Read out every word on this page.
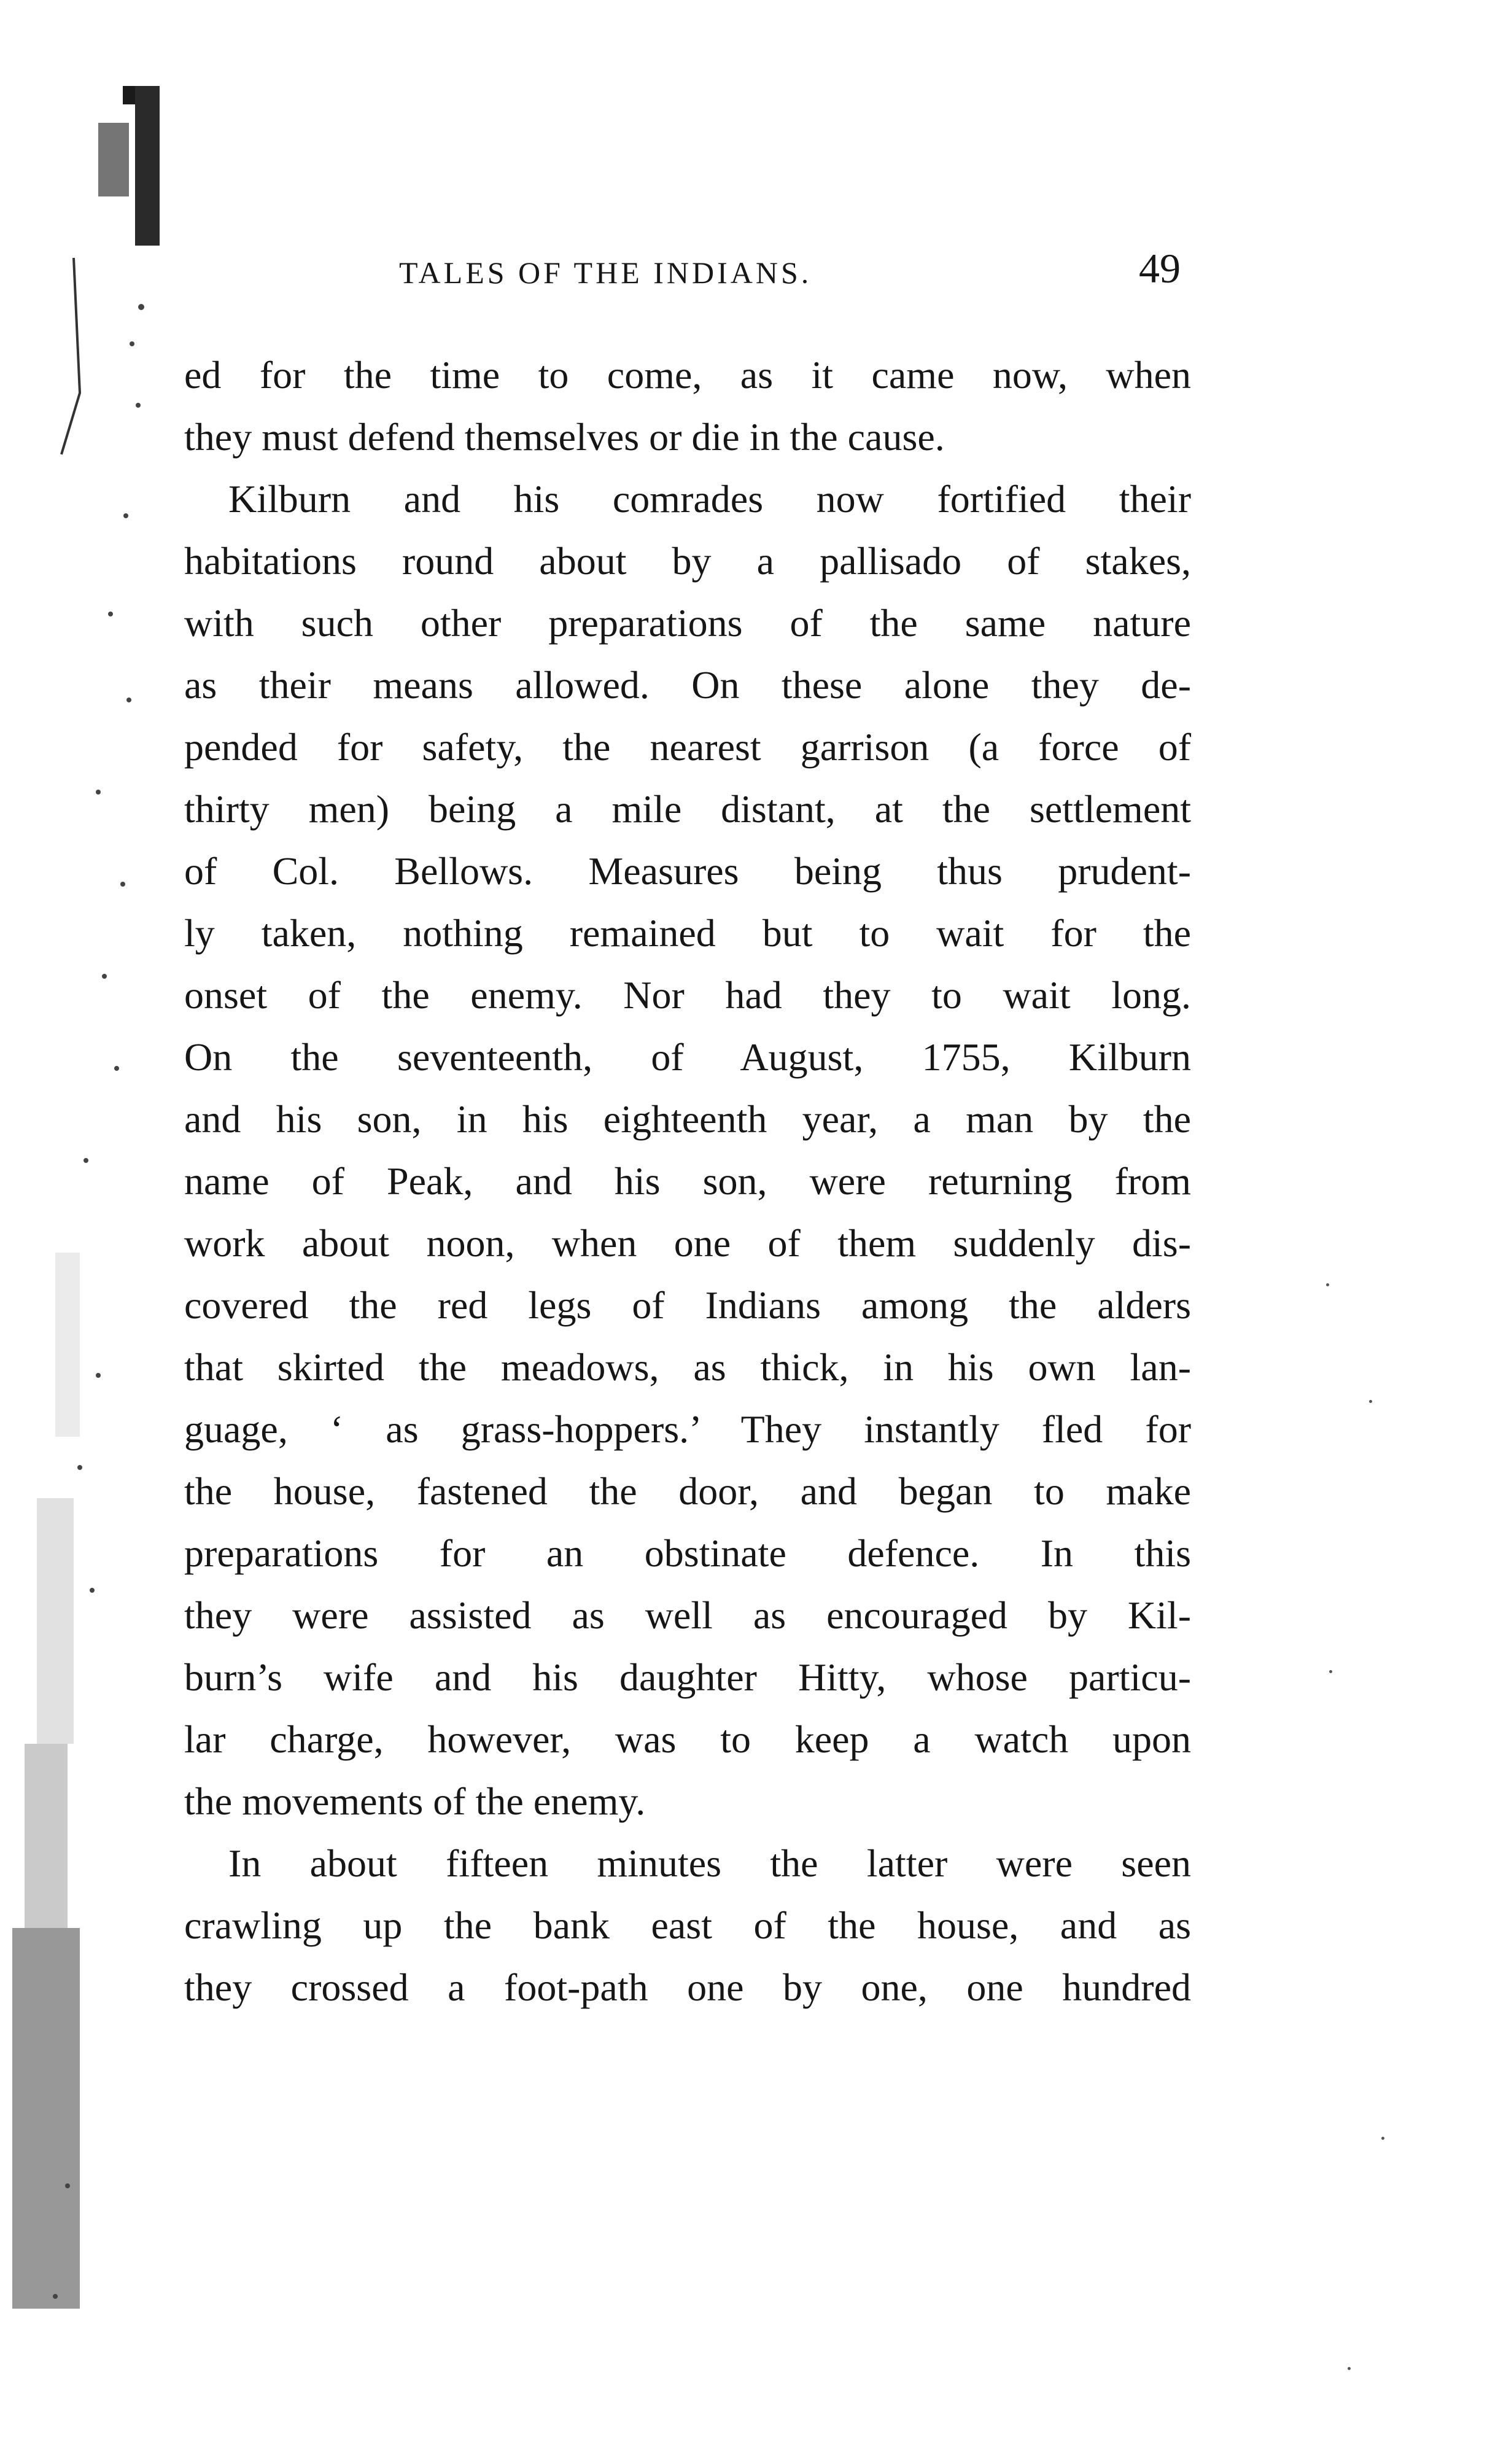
TALES OF THE INDIANS.	49
ed for the time to come, as it came now, when
they must defend themselves or die in the cause.
Kilburn and his comrades now fortified their
habitations round about by a pallisado of stakes,
with such other preparations of the same nature
as their means allowed. On these alone they de-
pended for safety, the nearest garrison (a force of
thirty men) being a mile distant, at the settlement
of Col. Bellows. Measures being thus prudent-
ly taken, nothing remained but to wait for the
onset of the enemy. Nor had they to wait long.
On the seventeenth, of August, 1755, Kilburn
and his son, in his eighteenth year, a man by the
name of Peak, and his son, were returning from
work about noon, when one of them suddenly dis-
covered the red legs of Indians among the alders
that skirted the meadows, as thick, in his own lan-
guage, ‘ as grass-hoppers.’ They instantly fled for
the house, fastened the door, and began to make
preparations for an obstinate defence. In this
they were assisted as well as encouraged by Kil-
burn’s wife and his daughter Hitty, whose particu-
lar charge, however, was to keep a watch upon
the movements of the enemy.
In about fifteen minutes the latter were seen
crawling up the bank east of the house, and as
they crossed a foot-path one by one, one hundred
